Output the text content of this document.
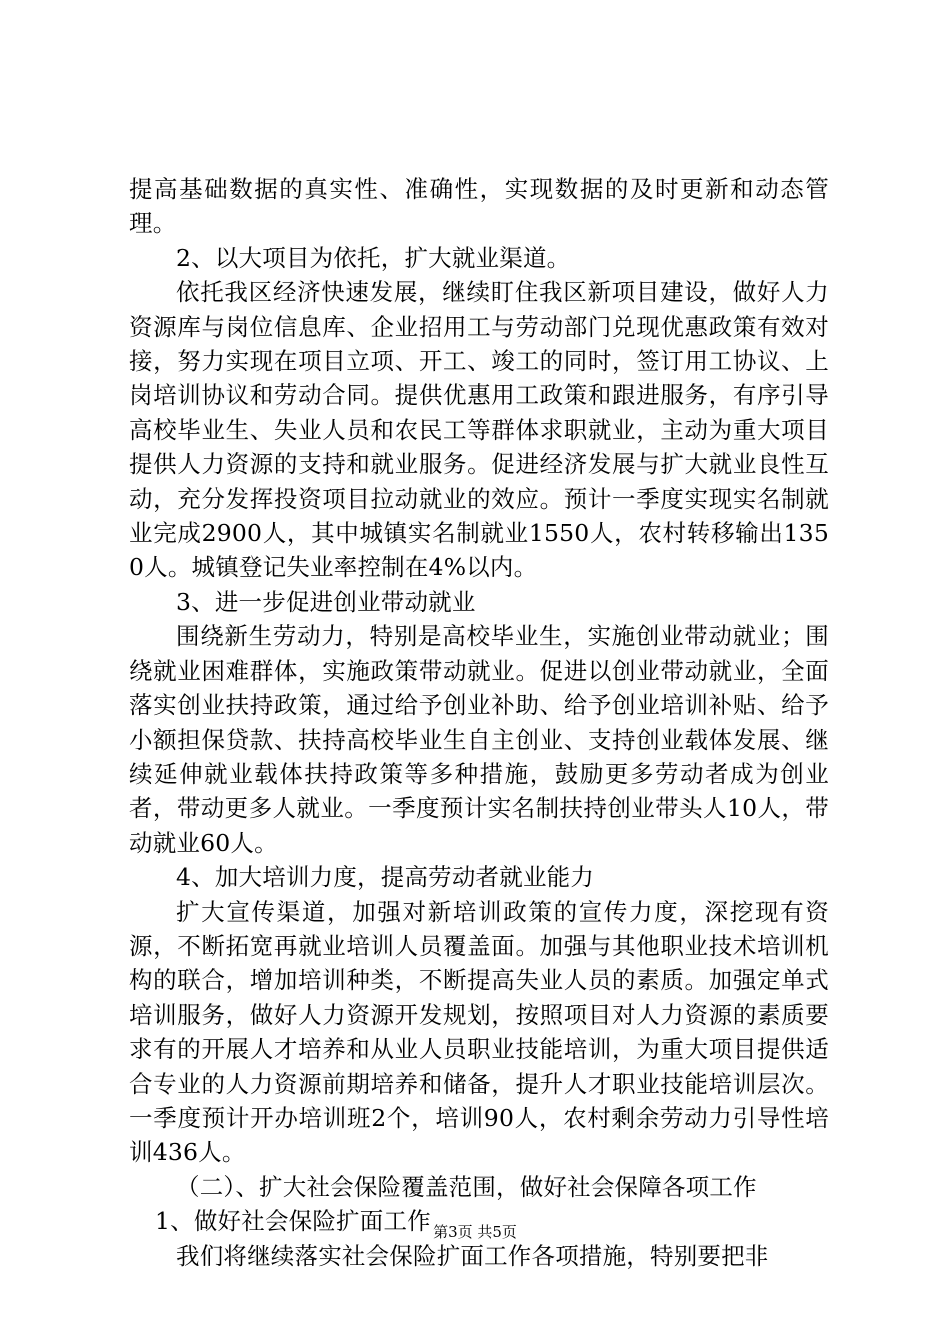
提高基础数据的真实性、准确性，实现数据的及时更新和动态管理。

2、以大项目为依托，扩大就业渠道。

依托我区经济快速发展，继续盯住我区新项目建设，做好人力资源库与岗位信息库、企业招用工与劳动部门兑现优惠政策有效对接，努力实现在项目立项、开工、竣工的同时，签订用工协议、上岗培训协议和劳动合同。提供优惠用工政策和跟进服务，有序引导高校毕业生、失业人员和农民工等群体求职就业，主动为重大项目提供人力资源的支持和就业服务。促进经济发展与扩大就业良性互动，充分发挥投资项目拉动就业的效应。预计一季度实现实名制就业完成2900人，其中城镇实名制就业1550人，农村转移输出1350人。城镇登记失业率控制在4%以内。

3、进一步促进创业带动就业

围绕新生劳动力，特别是高校毕业生，实施创业带动就业；围绕就业困难群体，实施政策带动就业。促进以创业带动就业，全面落实创业扶持政策，通过给予创业补助、给予创业培训补贴、给予小额担保贷款、扶持高校毕业生自主创业、支持创业载体发展、继续延伸就业载体扶持政策等多种措施，鼓励更多劳动者成为创业者，带动更多人就业。一季度预计实名制扶持创业带头人10人，带动就业60人。

4、加大培训力度，提高劳动者就业能力

扩大宣传渠道，加强对新培训政策的宣传力度，深挖现有资源，不断拓宽再就业培训人员覆盖面。加强与其他职业技术培训机构的联合，增加培训种类，不断提高失业人员的素质。加强定单式培训服务，做好人力资源开发规划，按照项目对人力资源的素质要求有的开展人才培养和从业人员职业技能培训，为重大项目提供适合专业的人力资源前期培养和储备，提升人才职业技能培训层次。一季度预计开办培训班2个，培训90人，农村剩余劳动力引导性培训436人。

（二）、扩大社会保险覆盖范围，做好社会保障各项工作

1、做好社会保险扩面工作

我们将继续落实社会保险扩面工作各项措施，特别要把非

第3页 共5页
